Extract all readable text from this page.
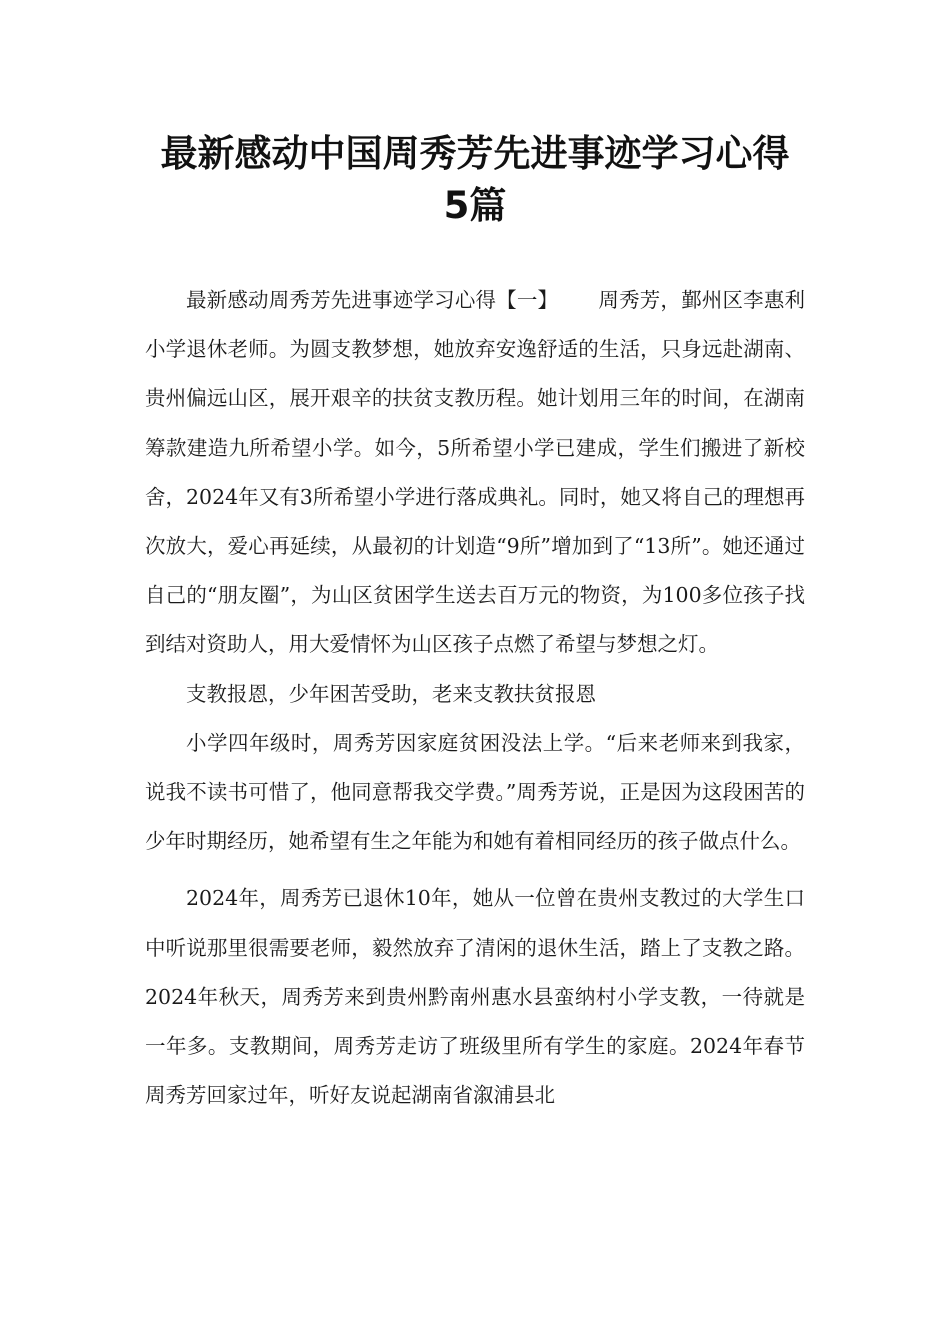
最新感动中国周秀芳先进事迹学习心得
5篇

最新感动周秀芳先进事迹学习心得【一】 周秀芳，鄞州区李惠利小学退休老师。为圆支教梦想，她放弃安逸舒适的生活，只身远赴湖南、贵州偏远山区，展开艰辛的扶贫支教历程。她计划用三年的时间，在湖南筹款建造九所希望小学。如今，5所希望小学已建成，学生们搬进了新校舍，2024年又有3所希望小学进行落成典礼。同时，她又将自己的理想再次放大，爱心再延续，从最初的计划造“9所”增加到了“13所”。她还通过自己的“朋友圈”，为山区贫困学生送去百万元的物资，为100多位孩子找到结对资助人，用大爱情怀为山区孩子点燃了希望与梦想之灯。

支教报恩，少年困苦受助，老来支教扶贫报恩

小学四年级时，周秀芳因家庭贫困没法上学。“后来老师来到我家，说我不读书可惜了，他同意帮我交学费。”周秀芳说，正是因为这段困苦的少年时期经历，她希望有生之年能为和她有着相同经历的孩子做点什么。

2024年，周秀芳已退休10年，她从一位曾在贵州支教过的大学生口中听说那里很需要老师，毅然放弃了清闲的退休生活，踏上了支教之路。2024年秋天，周秀芳来到贵州黔南州惠水县蛮纳村小学支教，一待就是一年多。支教期间，周秀芳走访了班级里所有学生的家庭。2024年春节周秀芳回家过年，听好友说起湖南省溆浦县北
